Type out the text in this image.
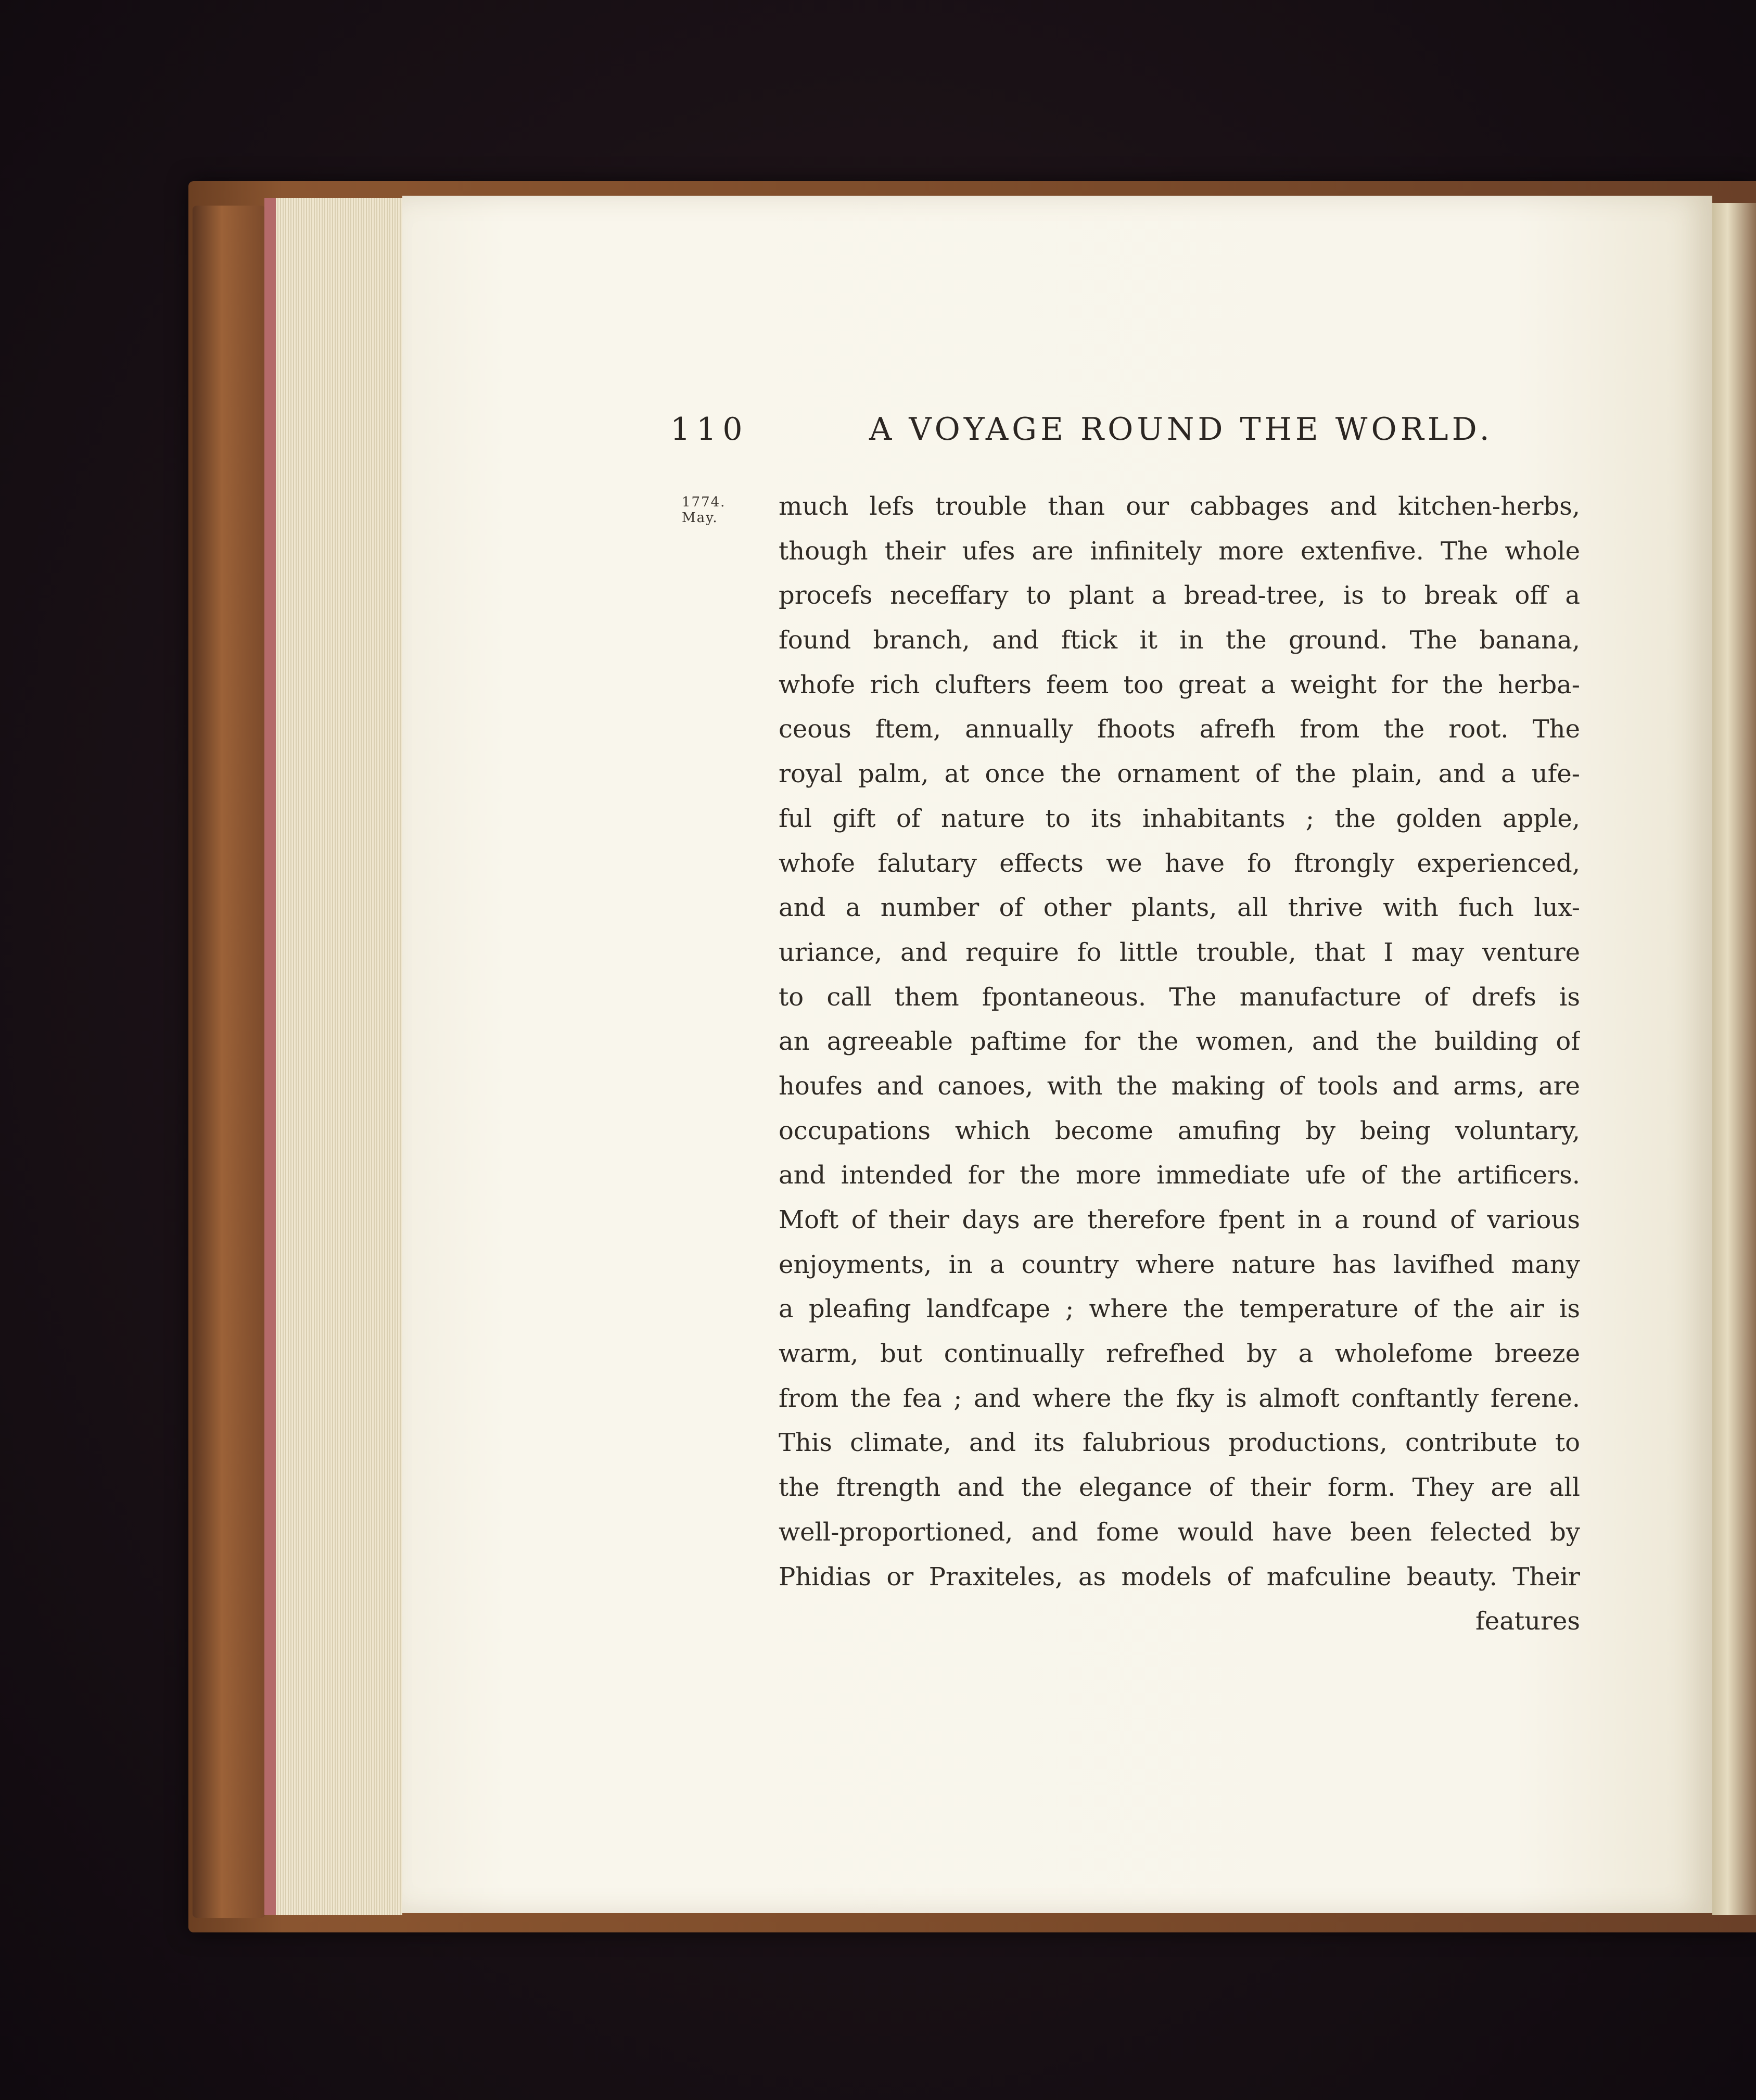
110	A VOYAGE ROUND THE WORLD.
1774.
May.	much lefs trouble than our cabbages and kitchen-herbs,
though their ufes are infinitely more extenfive. The whole
procefs neceffary to plant a bread-tree, is to break off a
found branch, and ftick it in the ground. The banana,
whofe rich clufters feem too great a weight for the herba-
ceous ftem, annually fhoots afrefh from the root. The
royal palm, at once the ornament of the plain, and a ufe-
ful gift of nature to its inhabitants ; the golden apple,
whofe falutary effects we have fo ftrongly experienced,
and a number of other plants, all thrive with fuch lux-
uriance, and require fo little trouble, that I may venture
to call them fpontaneous. The manufacture of drefs is
an agreeable paftime for the women, and the building of
houfes and canoes, with the making of tools and arms, are
occupations which become amufing by being voluntary,
and intended for the more immediate ufe of the artificers.
Moft of their days are therefore fpent in a round of various
enjoyments, in a country where nature has lavifhed many
a pleafing landfcape ; where the temperature of the air is
warm, but continually refrefhed by a wholefome breeze
from the fea ; and where the fky is almoft conftantly ferene.
This climate, and its falubrious productions, contribute to
the ftrength and the elegance of their form. They are all
well-proportioned, and fome would have been felected by
Phidias or Praxiteles, as models of mafculine beauty. Their
features
